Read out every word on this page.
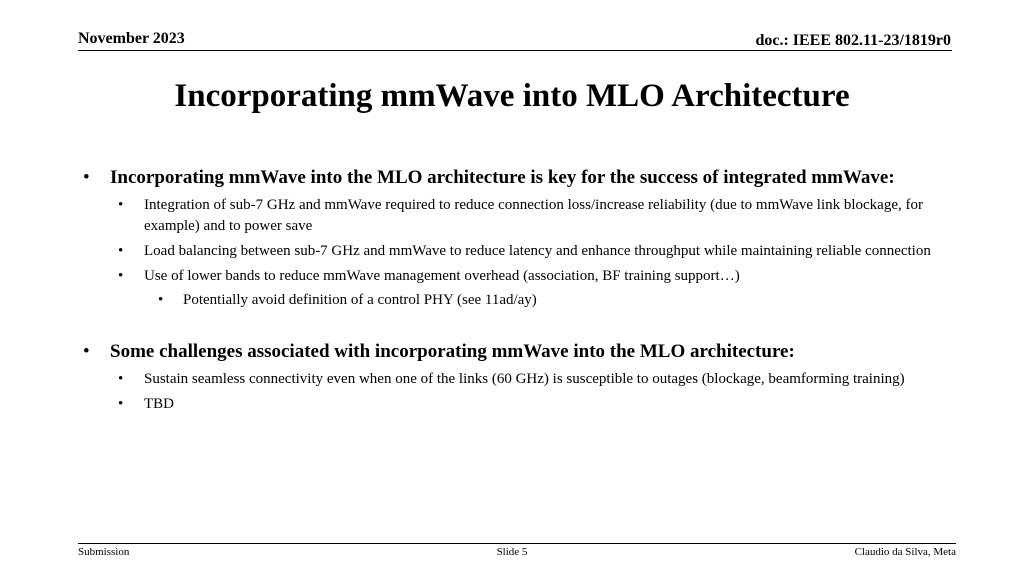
November 2023	doc.: IEEE 802.11-23/1819r0
Incorporating mmWave into MLO Architecture
• Incorporating mmWave into the MLO architecture is key for the success of integrated mmWave:
• Integration of sub-7 GHz and mmWave required to reduce connection loss/increase reliability (due to mmWave link blockage, for example) and to power save
• Load balancing between sub-7 GHz and mmWave to reduce latency and enhance throughput while maintaining reliable connection
• Use of lower bands to reduce mmWave management overhead (association, BF training support…)
• Potentially avoid definition of a control PHY (see 11ad/ay)
• Some challenges associated with incorporating mmWave into the MLO architecture:
• Sustain seamless connectivity even when one of the links (60 GHz) is susceptible to outages (blockage, beamforming training)
• TBD
Submission	Slide 5	Claudio da Silva, Meta
